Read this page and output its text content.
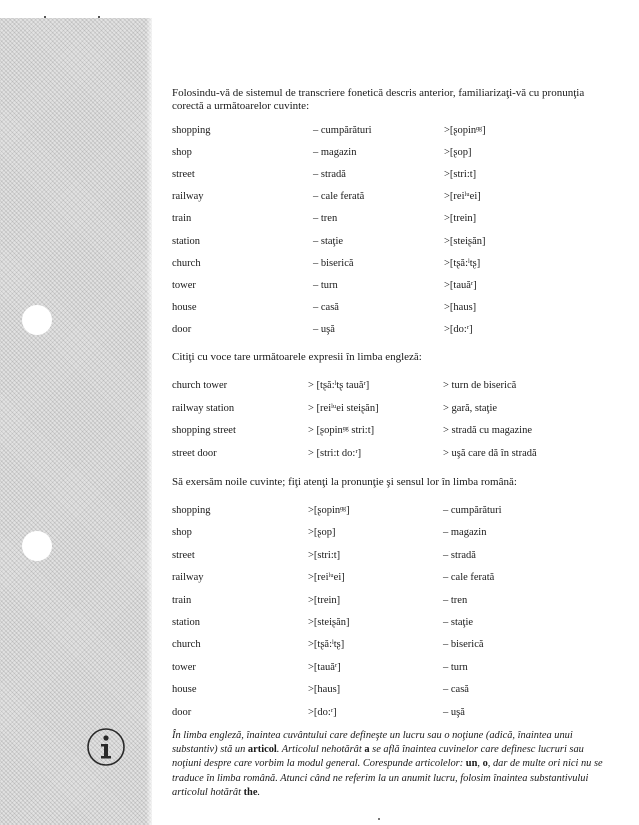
Folosindu-vă de sistemul de transcriere fonetică descris anterior, familiarizaţi-vă cu pronunţia corectă a următoarelor cuvinte:

shopping	– cumpărături	>[ʂopinᶢᵍ]
shop	– magazin	>[ʂop]
street	– stradă	>[stri:t]
railway	– cale ferată	>[reiˡᵘei]
train	– tren	>[trein]
station	– staţie	>[steiʂăn]
church	– biserică	>[tʂă:ˡtʂ]
tower	– turn	>[tauăʳ]
house	– casă	>[haus]
door	– uşă	>[do:ʳ]

Citiţi cu voce tare următoarele expresii în limba engleză:

church tower	> [tʂă:ˡtʂ tauăʳ]	> turn de biserică
railway station	> [reiˡᵘei steiʂăn]	> gară, staţie
shopping street	> [ʂopinᶢᵍ stri:t]	> stradă cu magazine
street door	> [stri:t do:ʳ]	> uşă care dă în stradă

Să exersăm noile cuvinte; fiţi atenţi la pronunţie şi sensul lor în limba română:

shopping	>[ʂopinᶢᵍ]	– cumpărături
shop	>[ʂop]	– magazin
street	>[stri:t]	– stradă
railway	>[reiˡᵘei]	– cale ferată
train	>[trein]	– tren
station	>[steiʂăn]	– staţie
church	>[tʂă:ˡtʂ]	– biserică
tower	>[tauăʳ]	– turn
house	>[haus]	– casă
door	>[do:ʳ]	– uşă

În limba engleză, înaintea cuvântului care defineşte un lucru sau o noţiune (adică, înaintea unui substantiv) stă un articol. Articolul nehotărât a se află înaintea cuvinelor care definesc lucruri sau noţiuni despre care vorbim la modul general. Corespunde articolelor: un, o, dar de multe ori nici nu se traduce în limba română. Atunci când ne referim la un anumit lucru, folosim înaintea substantivului articolul hotărât the.
